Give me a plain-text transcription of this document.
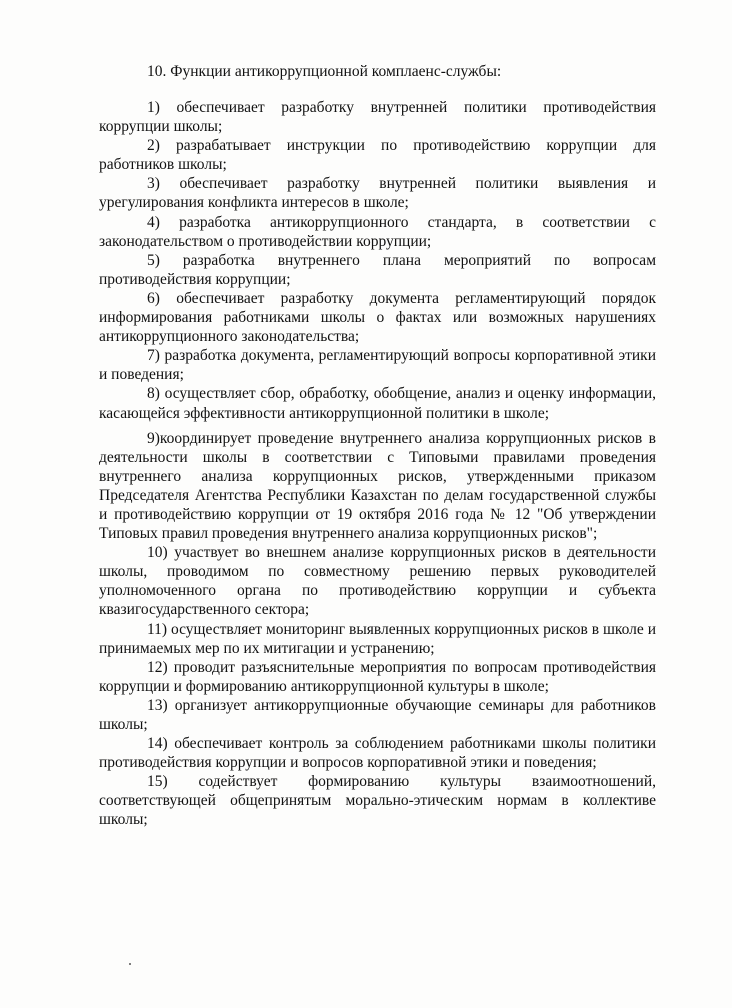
10. Функции антикоррупционной комплаенс-службы:

1) обеспечивает разработку внутренней политики противодействия коррупции школы;

2) разрабатывает инструкции по противодействию коррупции для работников школы;

3) обеспечивает разработку внутренней политики выявления и урегулирования конфликта интересов в школе;

4) разработка антикоррупционного стандарта, в соответствии с законодательством о противодействии коррупции;

5) разработка внутреннего плана мероприятий по вопросам противодействия коррупции;

6) обеспечивает разработку документа регламентирующий порядок информирования работниками школы о фактах или возможных нарушениях антикоррупционного законодательства;

7) разработка документа, регламентирующий вопросы корпоративной этики и поведения;

8) осуществляет сбор, обработку, обобщение, анализ и оценку информации, касающейся эффективности антикоррупционной политики в школе;

9)координирует проведение внутреннего анализа коррупционных рисков в деятельности школы в соответствии с Типовыми правилами проведения внутреннего анализа коррупционных рисков, утвержденными приказом Председателя Агентства Республики Казахстан по делам государственной службы и противодействию коррупции от 19 октября 2016 года № 12 "Об утверждении Типовых правил проведения внутреннего анализа коррупционных рисков";

10) участвует во внешнем анализе коррупционных рисков в деятельности школы, проводимом по совместному решению первых руководителей уполномоченного органа по противодействию коррупции и субъекта квазигосударственного сектора;

11) осуществляет мониторинг выявленных коррупционных рисков в школе и принимаемых мер по их митигации и устранению;

12) проводит разъяснительные мероприятия по вопросам противодействия коррупции и формированию антикоррупционной культуры в школе;

13) организует антикоррупционные обучающие семинары для работников школы;

14) обеспечивает контроль за соблюдением работниками школы политики противодействия коррупции и вопросов корпоративной этики и поведения;

15) содействует формированию культуры взаимоотношений, соответствующей общепринятым морально-этическим нормам в коллективе школы;
